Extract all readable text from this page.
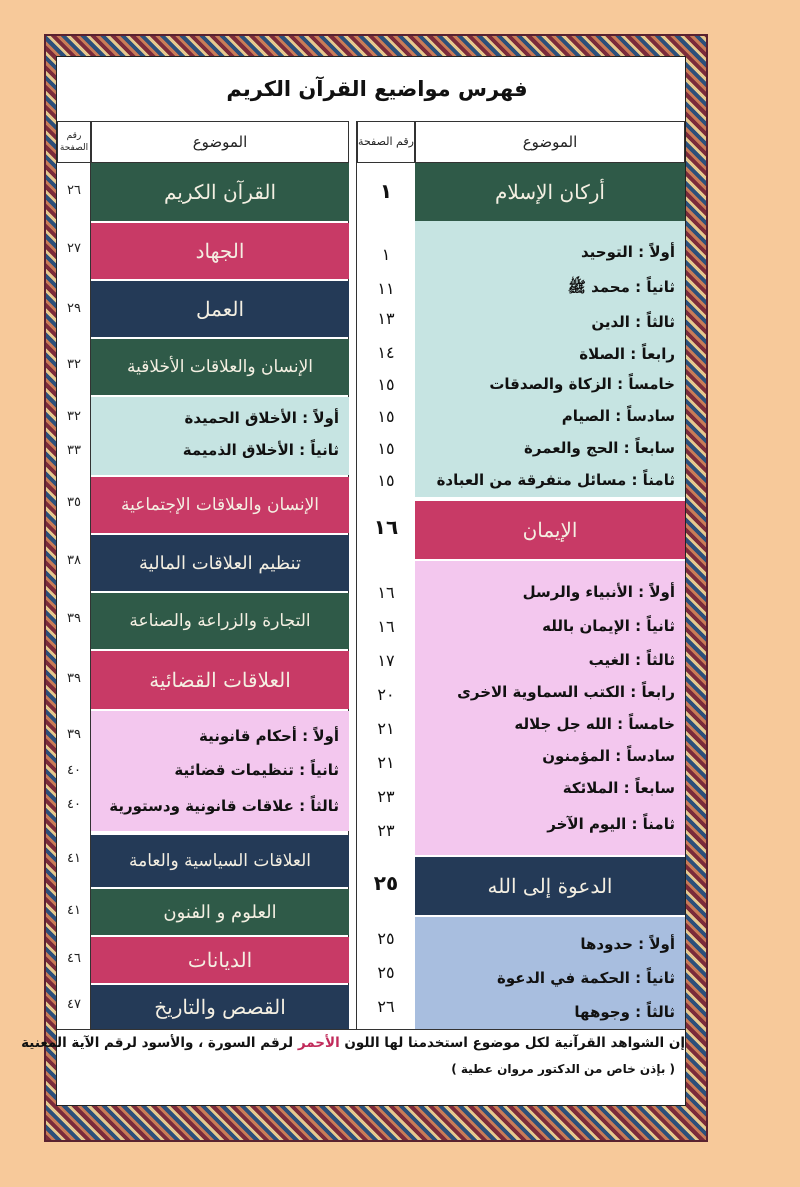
فهرس مواضيع القرآن الكريم
الموضوع
رقم الصفحة
أركان الإسلام
١
أولاً : التوحيد
ثانياً : محمد ﷺ
ثالثاً : الدين
رابعاً : الصلاة
خامساً : الزكاة والصدقات
سادساً : الصيام
سابعاً : الحج والعمرة
ثامناً : مسائل متفرقة من العبادة
١
١١
١٣
١٤
١٥
١٥
١٥
١٥
الإيمان
١٦
أولاً : الأنبياء والرسل
ثانياً : الإيمان بالله
ثالثاً : الغيب
رابعاً : الكتب السماوية الاخرى
خامساً : الله جل جلاله
سادساً : المؤمنون
سابعاً : الملائكة
ثامناً : اليوم الآخر
١٦
١٦
١٧
٢٠
٢١
٢١
٢٣
٢٣
الدعوة إلى الله
٢٥
أولاً : حدودها
ثانياً : الحكمة في الدعوة
ثالثاً : وجوهها
٢٥
٢٥
٢٦
الموضوع
رقم الصفحة
القرآن الكريم
٢٦
الجهاد
٢٧
العمل
٢٩
الإنسان والعلاقات الأخلاقية
٣٢
أولاً : الأخلاق الحميدة
ثانياً : الأخلاق الذميمة
٣٢
٣٣
الإنسان والعلاقات الإجتماعية
٣٥
تنظيم العلاقات المالية
٣٨
التجارة والزراعة والصناعة
٣٩
العلاقات القضائية
٣٩
أولاً : أحكام قانونية
ثانياً : تنظيمات قضائية
ثالثاً : علاقات قانونية ودستورية
٣٩
٤٠
٤٠
العلاقات السياسية والعامة
٤١
العلوم و الفنون
٤١
الديانات
٤٦
القصص والتاريخ
٤٧
إن الشواهد القرآنية لكل موضوع استخدمنا لها اللون الأحمر لرقم السورة ، والأسود لرقم الآية المعنية
( بإذن خاص من الدكتور مروان عطية )
